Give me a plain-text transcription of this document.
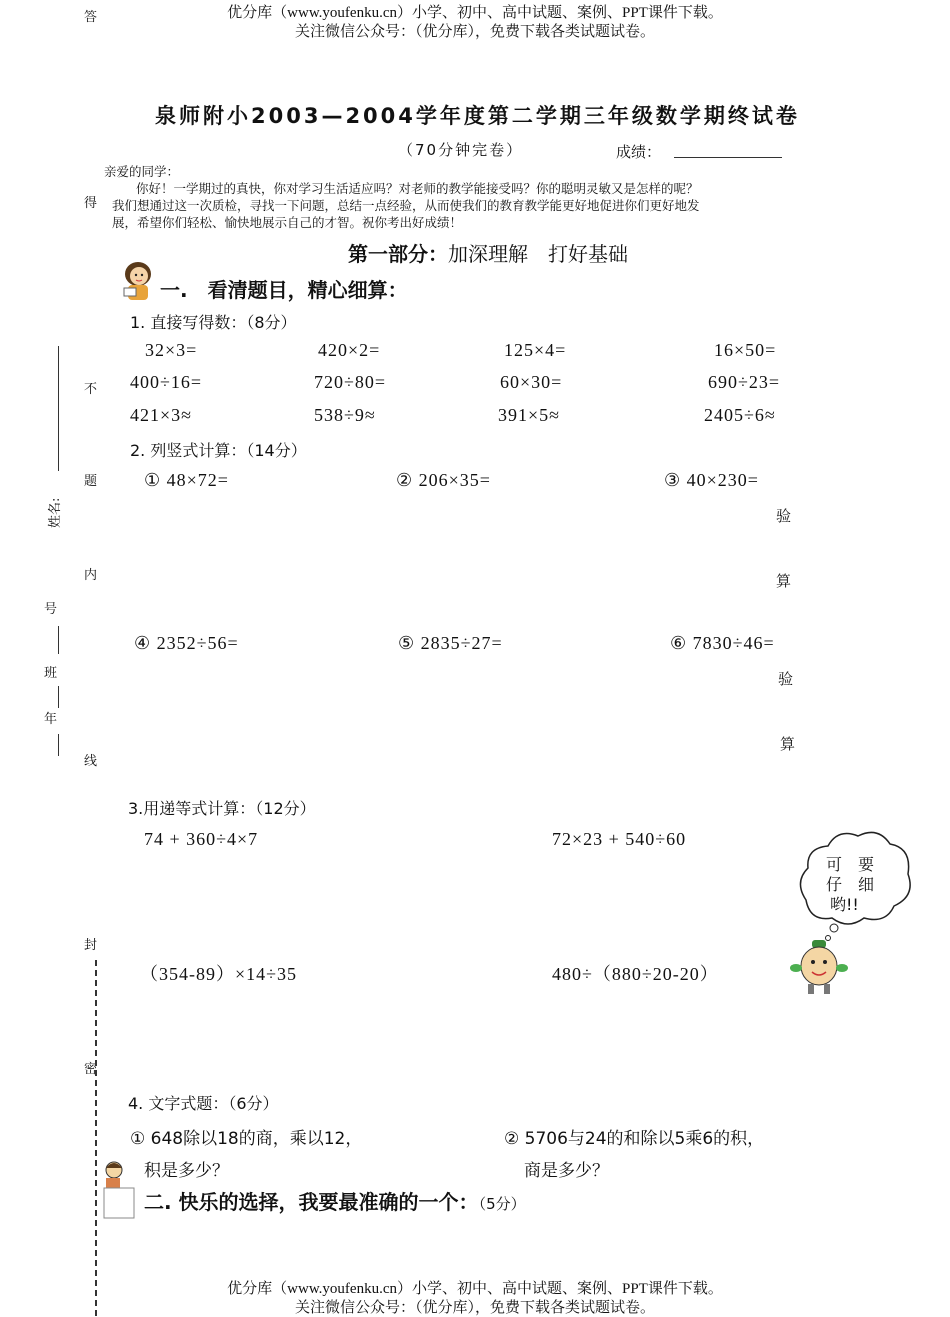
优分库（www.youfenku.cn）小学、初中、高中试题、案例、PPT课件下载。
关注微信公众号：（优分库），免费下载各类试题试卷。
答
得
不
题
内
线
封
密
姓名:
号
班
年
泉师附小2003—2004学年度第二学期三年级数学期终试卷
（70分钟完卷）	成绩：
亲爱的同学：
你好！一学期过的真快，你对学习生活适应吗？对老师的教学能接受吗？你的聪明灵敏又是怎样的呢？
我们想通过这一次质检，寻找一下问题，总结一点经验，从而使我们的教育教学能更好地促进你们更好地发
展，希望你们轻松、愉快地展示自己的才智。祝你考出好成绩！
第一部分：加深理解　打好基础
一.　看清题目，精心细算：
1. 直接写得数：（8分）
32×3=	420×2=	125×4=	16×50=
400÷16=	720÷80=	60×30=	690÷23=
421×3≈	538÷9≈	391×5≈	2405÷6≈
2. 列竖式计算：（14分）
① 48×72=	② 206×35=	③ 40×230=
验
算
④ 2352÷56=	⑤ 2835÷27=	⑥ 7830÷46=
验
算
3.用递等式计算：（12分）
74 + 360÷4×7	72×23 + 540÷60
（354-89）×14÷35	480÷（880÷20-20）
可　要
仔　细
哟!!
4. 文字式题：（6分）
① 648除以18的商，乘以12，
积是多少？
② 5706与24的和除以5乘6的积，
商是多少？
二. 快乐的选择，我要最准确的一个：（5分）
优分库（www.youfenku.cn）小学、初中、高中试题、案例、PPT课件下载。
关注微信公众号：（优分库），免费下载各类试题试卷。
